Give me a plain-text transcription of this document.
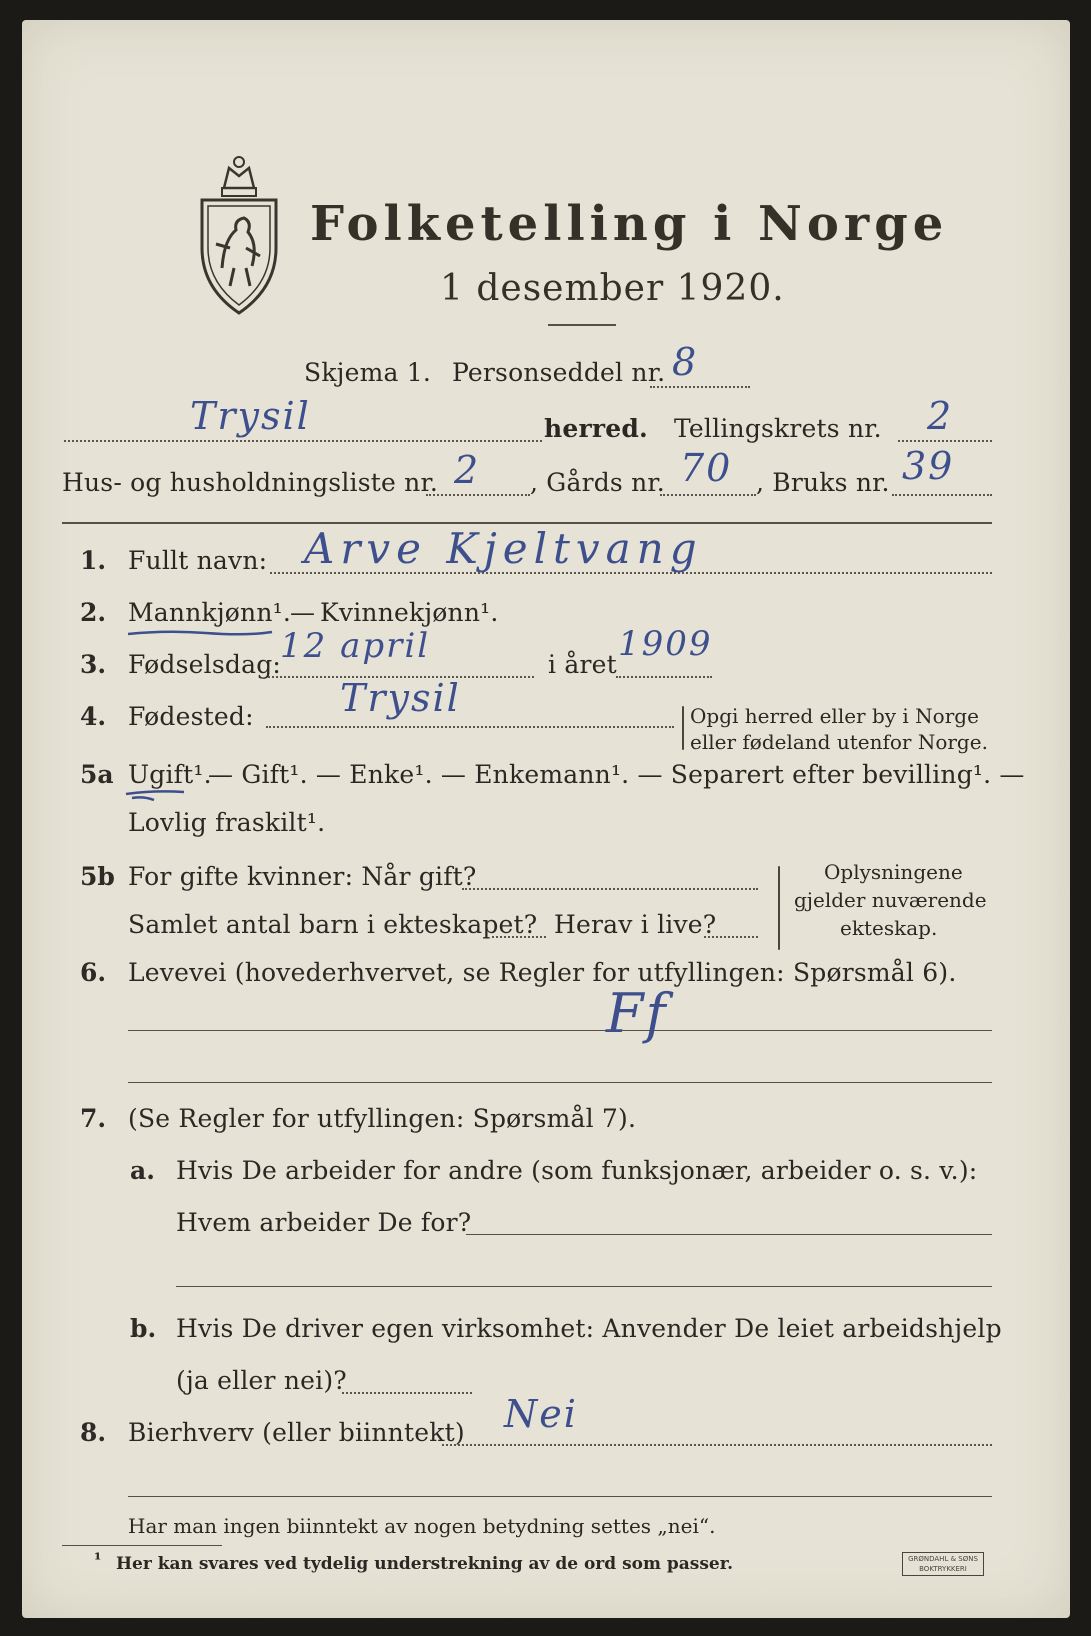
Folketelling i Norge
1 desember 1920.
Skjema 1. Personseddel nr. 8
Trysil	herred. Tellingskrets nr. 2
Hus- og husholdningsliste nr. 2 , Gårds nr. 70 , Bruks nr. 39
1. Fullt navn: Arve Kjeltvang
2. Mannkjønn¹.
— Kvinnekjønn¹.
3. Fødselsdag:
12 april	i året
1909
4. Fødested: Trysil	Opgi herred eller by i Norge
eller fødeland utenfor Norge.
5a Ugift¹.
— Gift¹. — Enke¹. — Enkemann¹. — Separert efter bevilling¹. —
Lovlig fraskilt¹.
5b For gifte kvinner: Når gift?
Samlet antal barn i ekteskapet? Herav i live?
Oplysningene
gjelder nuværende
ekteskap.
6. Levevei (hovederhvervet, se Regler for utfyllingen: Spørsmål 6).
Ff
7. (Se Regler for utfyllingen: Spørsmål 7).
a. Hvis De arbeider for andre (som funksjonær, arbeider o. s. v.):
Hvem arbeider De for?
b. Hvis De driver egen virksomhet: Anvender De leiet arbeidshjelp
(ja eller nei)?
8. Bierhverv (eller biinntekt) Nei
Har man ingen biinntekt av nogen betydning settes „nei“.
¹ Her kan svares ved tydelig understrekning av de ord som passer.	GRØNDAHL & SØNS BOKTRYKKERI
